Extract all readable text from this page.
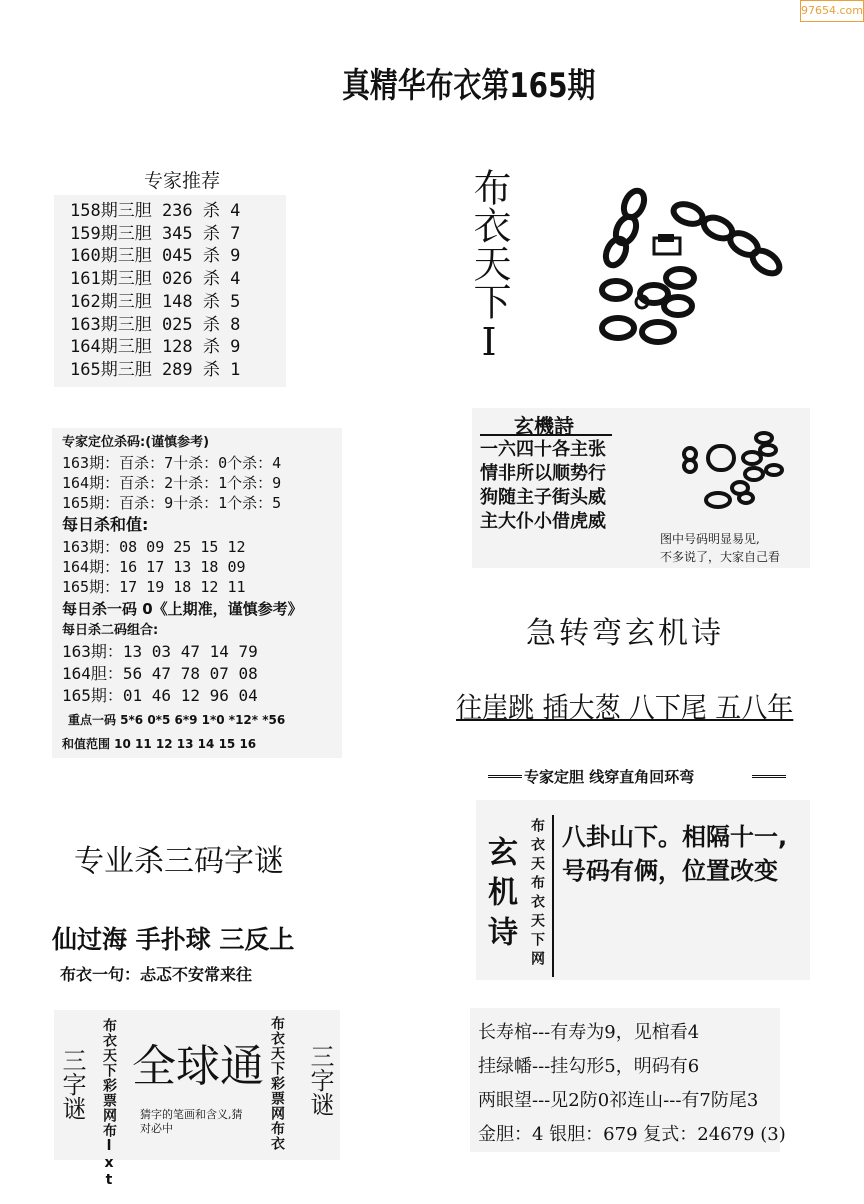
97654.com
真精华布衣第165期
专家推荐
158期三胆 236 杀 4
159期三胆 345 杀 7
160期三胆 045 杀 9
161期三胆 026 杀 4
162期三胆 148 杀 5
163期三胆 025 杀 8
164期三胆 128 杀 9
165期三胆 289 杀 1
布衣天下I
专家定位杀码:(谨慎参考)
163期：百杀：7十杀：0个杀：4
164期：百杀：2十杀：1个杀：9
165期：百杀：9十杀：1个杀：5
每日杀和值:
163期：08 09 25 15 12
164期：16 17 13 18 09
165期：17 19 18 12 11
每日杀一码 0《上期准，谨慎参考》
每日杀二码组合:
163期：13 03 47 14 79
164胆：56 47 78 07 08
165期：01 46 12 96 04
重点一码 5*6 0*5 6*9 1*0 *12* *56
和值范围 10 11 12 13 14 15 16
玄機詩
一六四十各主张
情非所以顺势行
狗随主子街头威
主大仆小借虎威
图中号码明显易见,
不多说了，大家自己看
急转弯玄机诗
往崖跳 插大葱 八下尾 五八年
专家定胆 线穿直角回环弯
玄机诗 布衣天布衣天下网 八卦山下。相隔十一,
号码有俩，位置改变
专业杀三码字谜
仙过海 手扑球 三反上
布衣一句：忐忑不安常来往
三字谜 布衣天下彩票网布lxt 全球通
猜字的笔画和含义,猜
对必中	布衣天下彩票网布衣 三字谜
长寿棺---有寿为9，见棺看4
挂绿幡---挂勾形5，明码有6
两眼望---见2防0祁连山---有7防尾3
金胆：4 银胆：679 复式：24679 (3)
